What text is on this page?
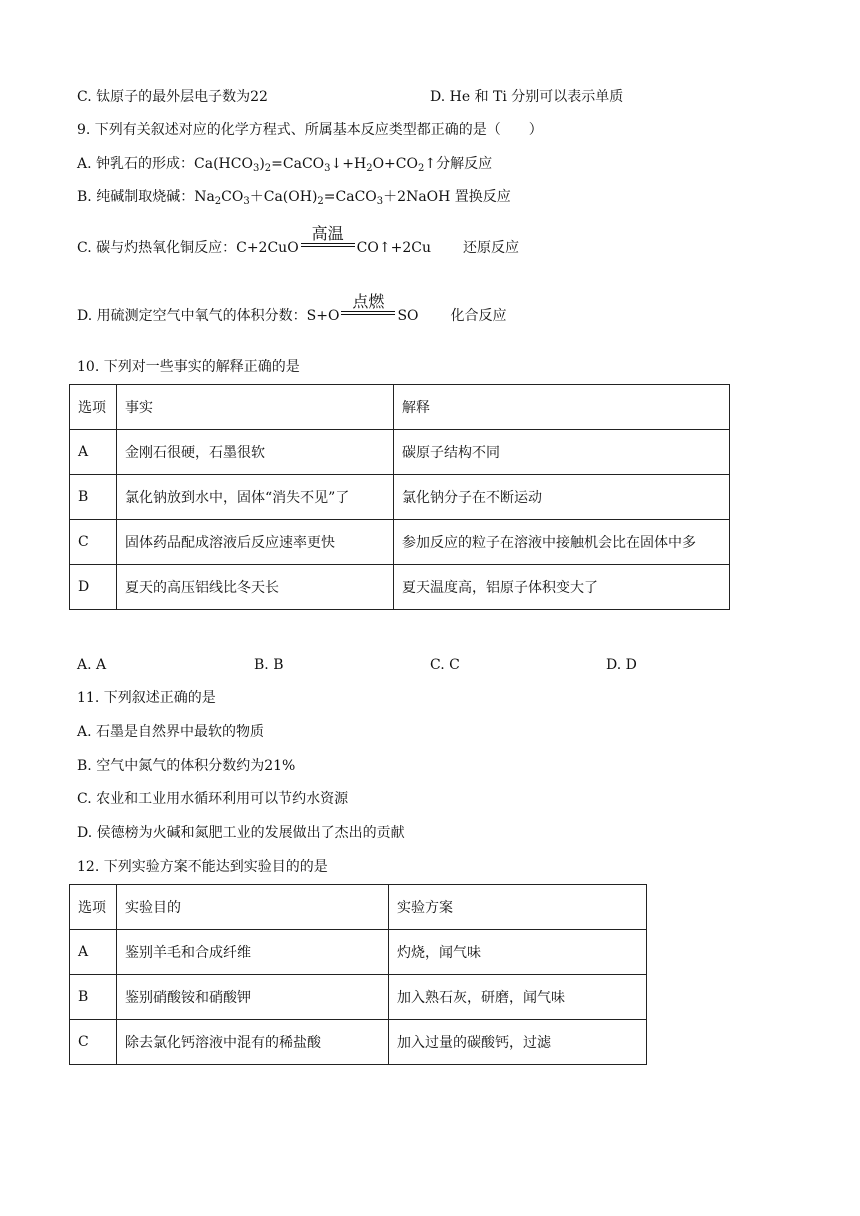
C. 钛原子的最外层电子数为22	D. He 和 Ti 分别可以表示单质
9. 下列有关叙述对应的化学方程式、所属基本反应类型都正确的是（　　）
A. 钟乳石的形成：$Ca(HCO_3)_2=CaCO_3↓+H_2O+CO_2↑$分解反应
B. 纯碱制取烧碱：$Na_2CO_3+Ca(OH)_2=CaCO_3+2NaOH$ 置换反应
C. 碳与灼热氧化铜反应：C+2CuO
高温
CO↑+2Cu 还原反应
D. 用硫测定空气中氧气的体积分数：S+O
点燃
SO 化合反应
10. 下列对一些事实的解释正确的是
选项	事实	解释
A	金刚石很硬，石墨很软	碳原子结构不同
B	氯化钠放到水中，固体“消失不见”了	氯化钠分子在不断运动
C	固体药品配成溶液后反应速率更快	参加反应的粒子在溶液中接触机会比在固体中多
D	夏天的高压铝线比冬天长	夏天温度高，铝原子体积变大了
A. A	B. B	C. C	D. D
11. 下列叙述正确的是
A. 石墨是自然界中最软的物质
B. 空气中氮气的体积分数约为21%
C. 农业和工业用水循环利用可以节约水资源
D. 侯德榜为火碱和氮肥工业的发展做出了杰出的贡献
12. 下列实验方案不能达到实验目的的是
选项	实验目的	实验方案
A	鉴别羊毛和合成纤维	灼烧，闻气味
B	鉴别硝酸铵和硝酸钾	加入熟石灰，研磨，闻气味
C	除去氯化钙溶液中混有的稀盐酸	加入过量的碳酸钙，过滤
